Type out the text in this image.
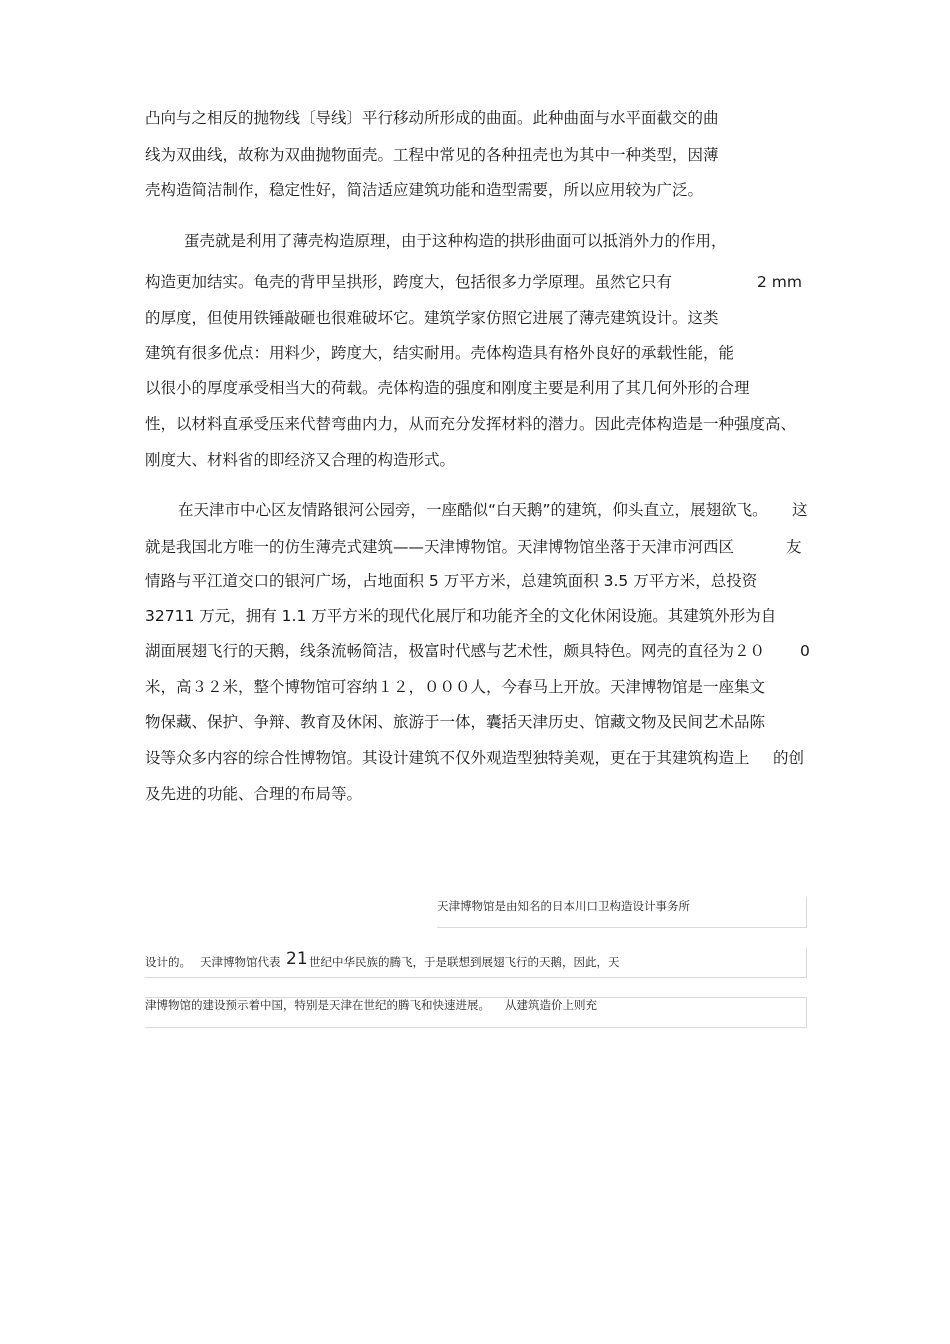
凸向与之相反的抛物线〔导线〕平行移动所形成的曲面。此种曲面与水平面截交的曲
线为双曲线，故称为双曲抛物面壳。工程中常见的各种扭壳也为其中一种类型，因薄
壳构造简洁制作，稳定性好，简洁适应建筑功能和造型需要，所以应用较为广泛。
蛋壳就是利用了薄壳构造原理，由于这种构造的拱形曲面可以抵消外力的作用，
构造更加结实。龟壳的背甲呈拱形，跨度大，包括很多力学原理。虽然它只有	2 mm
的厚度，但使用铁锤敲砸也很难破坏它。建筑学家仿照它进展了薄壳建筑设计。这类
建筑有很多优点：用料少，跨度大，结实耐用。壳体构造具有格外良好的承载性能，能
以很小的厚度承受相当大的荷载。壳体构造的强度和刚度主要是利用了其几何外形的合理
性，以材料直承受压来代替弯曲内力，从而充分发挥材料的潜力。因此壳体构造是一种强度高、
刚度大、材料省的即经济又合理的构造形式。
在天津市中心区友情路银河公园旁，一座酷似“白天鹅”的建筑，仰头直立，展翅欲飞。 这
就是我国北方唯一的仿生薄壳式建筑——天津博物馆。天津博物馆坐落于天津市河西区	友
情路与平江道交口的银河广场，占地面积 5 万平方米，总建筑面积 3.5 万平方米，总投资
32711 万元，拥有 1.1 万平方米的现代化展厅和功能齐全的文化休闲设施。其建筑外形为自
湖面展翅飞行的天鹅，线条流畅简洁，极富时代感与艺术性，颇具特色。网壳的直径为２０ 0
米，高３２米，整个博物馆可容纳１２，０００人，今春马上开放。天津博物馆是一座集文
物保藏、保护、争辩、教育及休闲、旅游于一体，囊括天津历史、馆藏文物及民间艺术品陈
设等众多内容的综合性博物馆。其设计建筑不仅外观造型独特美观，更在于其建筑构造上 的创
及先进的功能、合理的布局等。
天津博物馆是由知名的日本川口卫构造设计事务所
设计的。 天津博物馆代表 21 世纪中华民族的腾飞，于是联想到展翅飞行的天鹅，因此，天
津博物馆的建设预示着中国，特别是天津在世纪的腾飞和快速进展。 从建筑造价上则充
